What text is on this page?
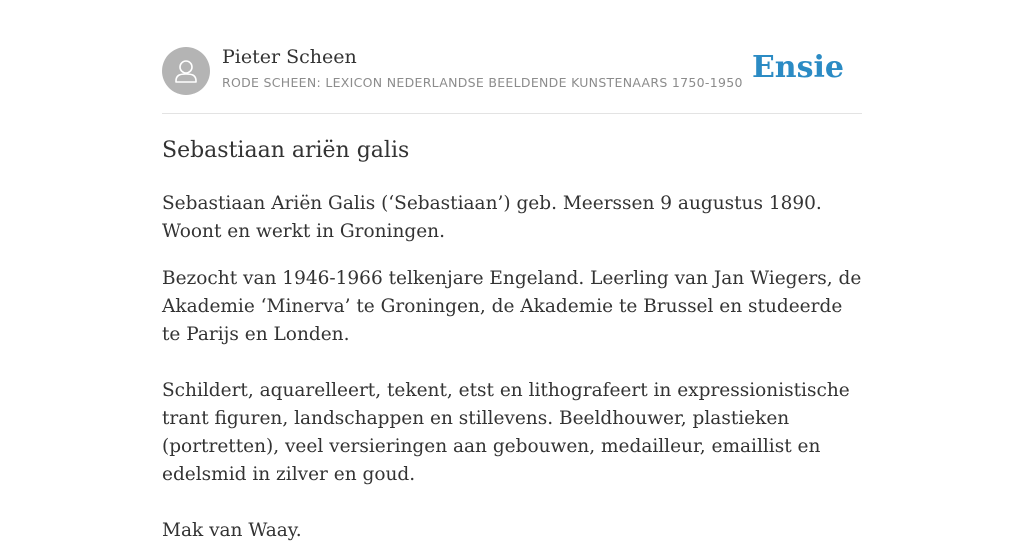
Pieter Scheen
RODE SCHEEN: LEXICON NEDERLANDSE BEELDENDE KUNSTENAARS 1750-1950 Ensie
Sebastiaan ariën galis

Sebastiaan Ariën Galis (‘Sebastiaan’) geb. Meerssen 9 augustus 1890. Woont en werkt in Groningen.

Bezocht van 1946-1966 telkenjare Engeland. Leerling van Jan Wiegers, de Akademie ‘Minerva’ te Groningen, de Akademie te Brussel en studeerde te Parijs en Londen.

Schildert, aquarelleert, tekent, etst en lithografeert in expressionistische trant figuren, landschappen en stillevens. Beeldhouwer, plastieken (portretten), veel versieringen aan gebouwen, medailleur, emaillist en edelsmid in zilver en goud.

Mak van Waay.
